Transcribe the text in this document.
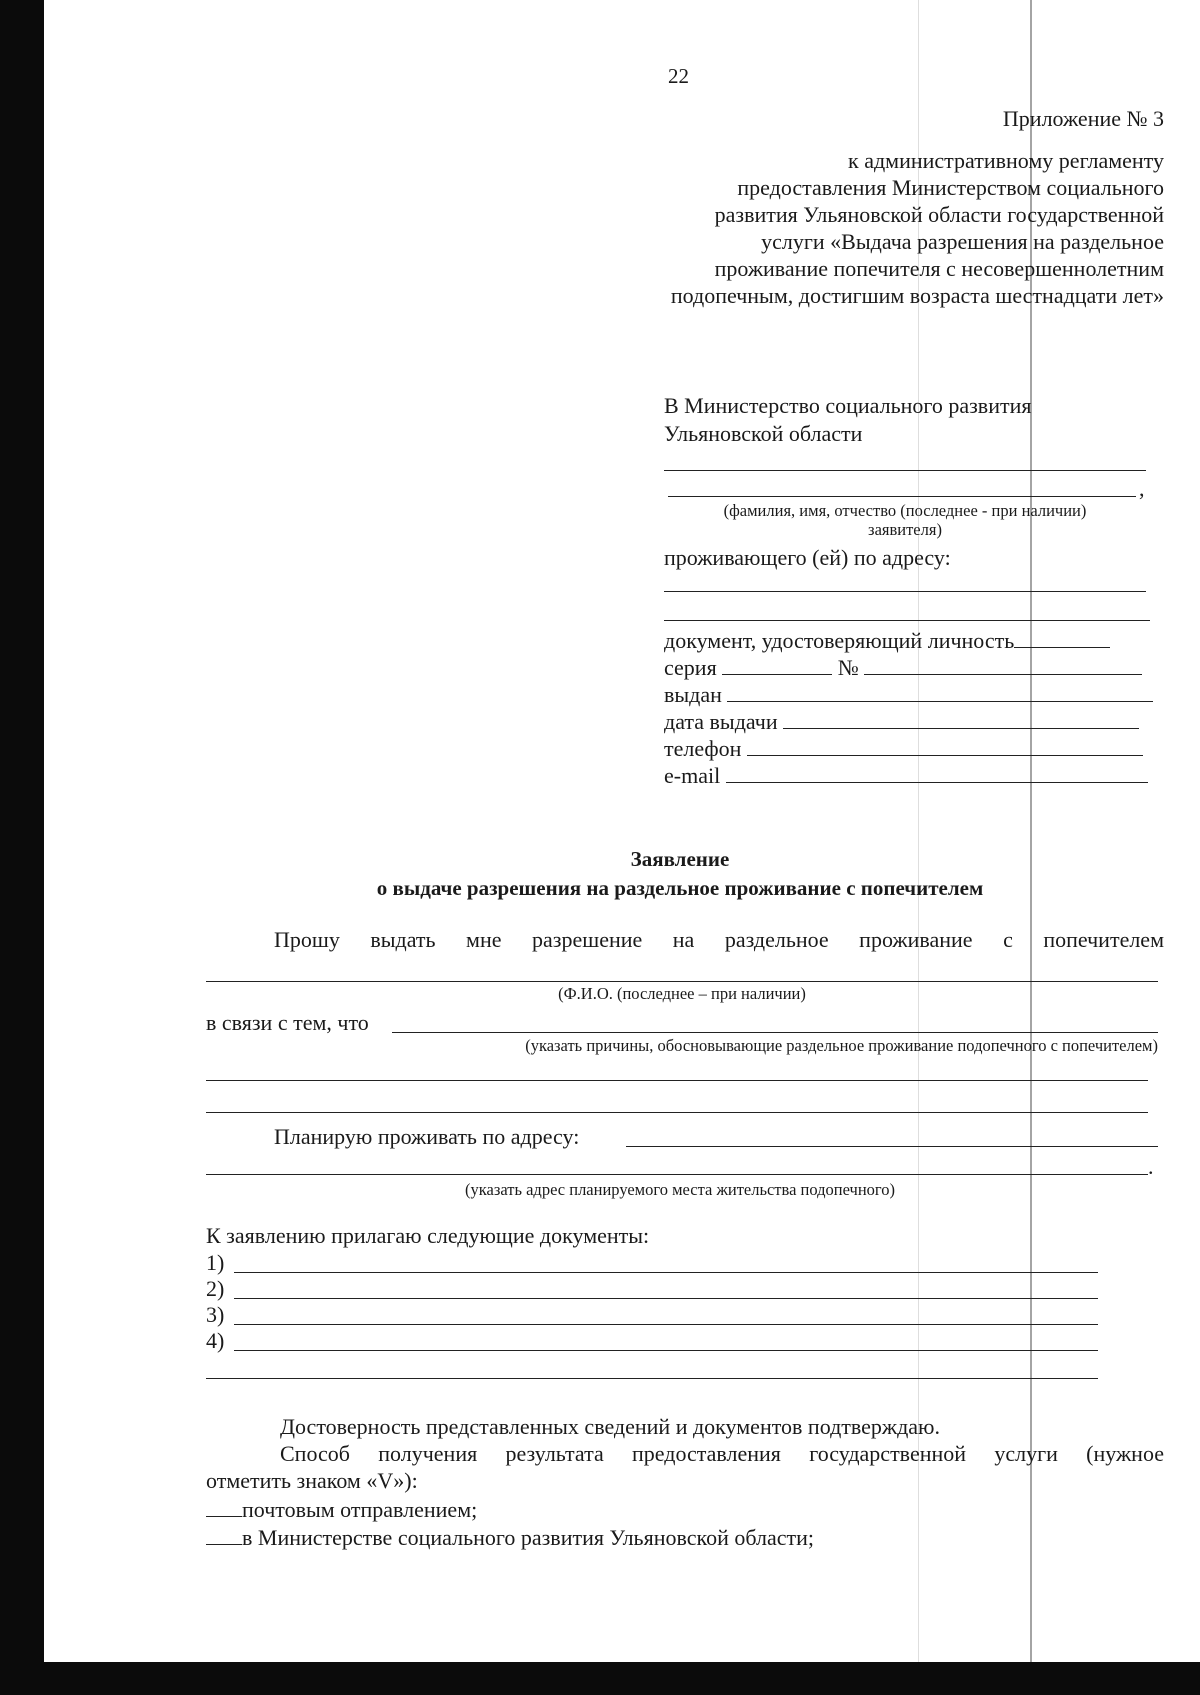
22
Приложение № 3
к административному регламенту
предоставления Министерством социального
развития Ульяновской области государственной
услуги «Выдача разрешения на раздельное
проживание попечителя с несовершеннолетним
подопечным, достигшим возраста шестнадцати лет»
В Министерство социального развития
Ульяновской области
,
(фамилия, имя, отчество (последнее - при наличии)
заявителя)
проживающего (ей) по адресу:
документ, удостоверяющий личность
серия	№
выдан
дата выдачи
телефон
e-mail
Заявление
о выдаче разрешения на раздельное проживание с попечителем
Прошу выдать мне разрешение на раздельное проживание с попечителем
(Ф.И.О. (последнее – при наличии)
в связи с тем, что
(указать причины, обосновывающие раздельное проживание подопечного с попечителем)
Планирую проживать по адресу:
.
(указать адрес планируемого места жительства подопечного)
К заявлению прилагаю следующие документы:
1)
2)
3)
4)
Достоверность представленных сведений и документов подтверждаю.
Способ получения результата предоставления государственной услуги (нужное
отметить знаком «V»):
почтовым отправлением;
в Министерстве социального развития Ульяновской области;
